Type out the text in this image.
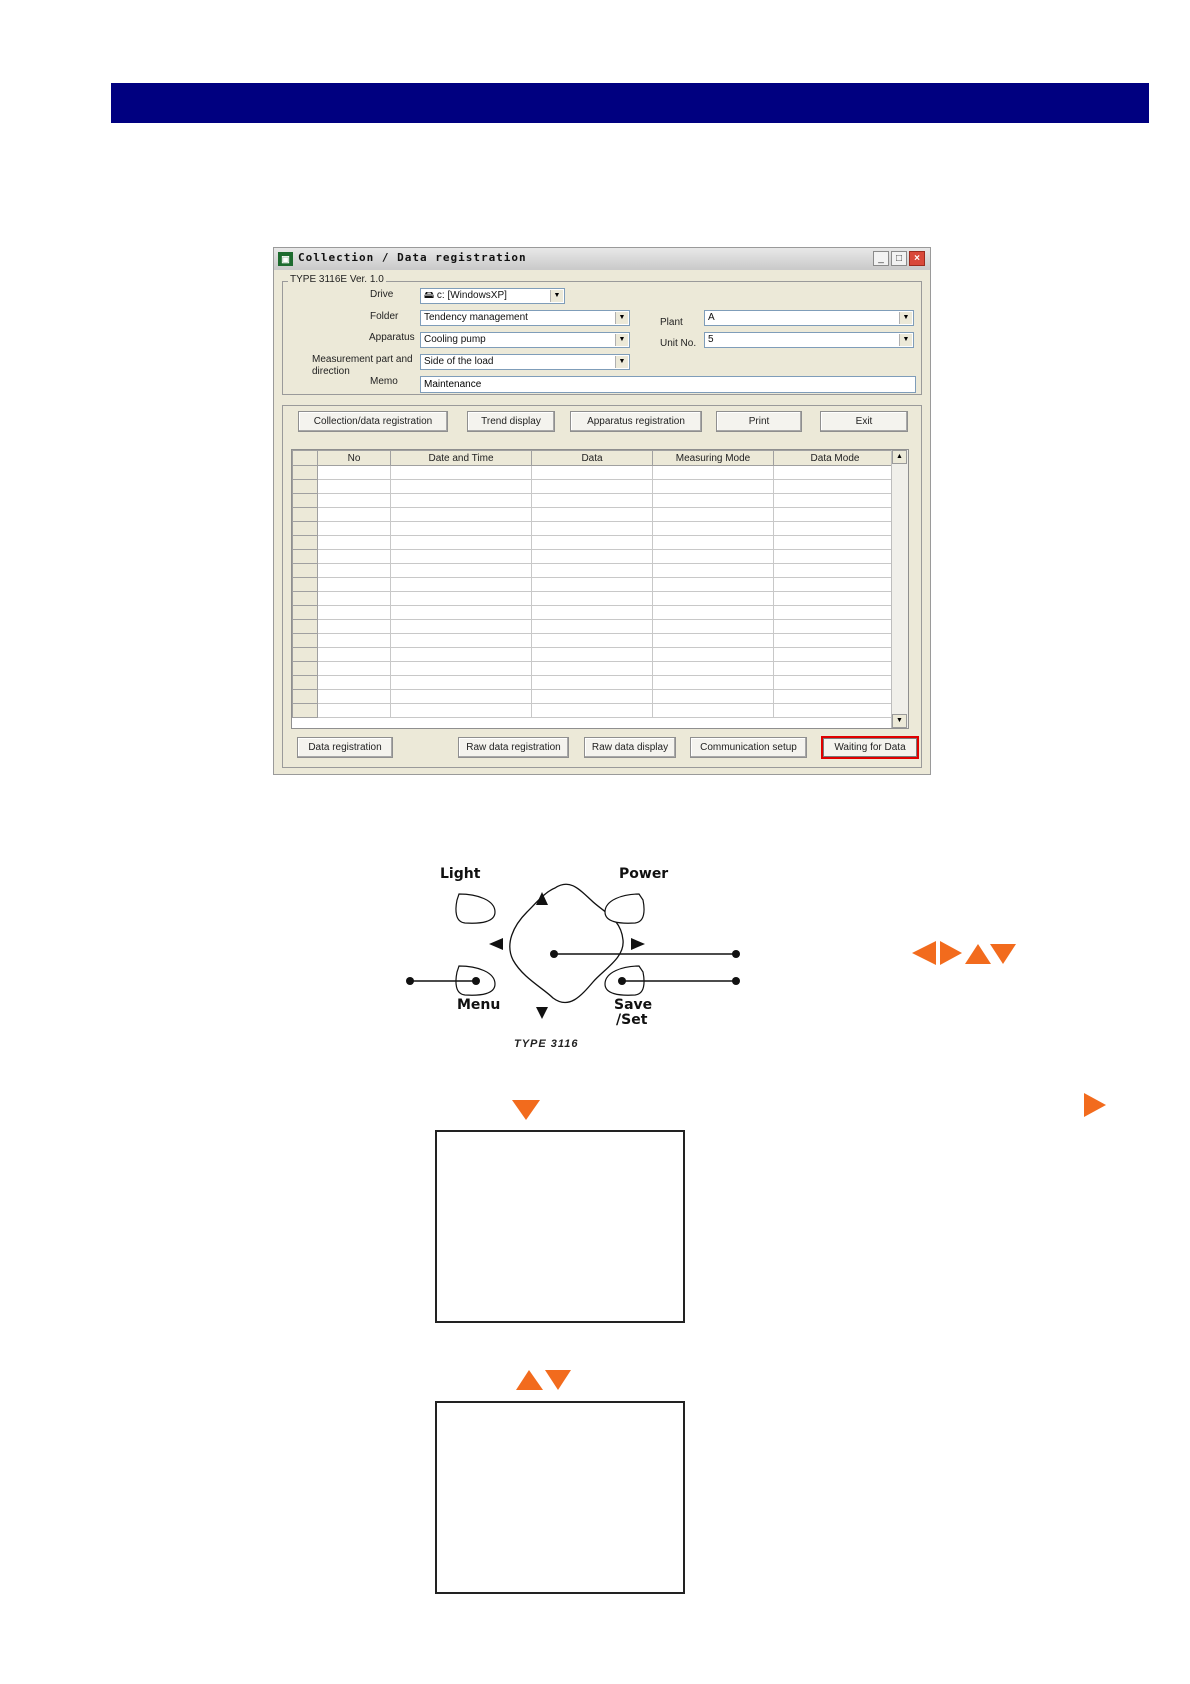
▣ Collection / Data registration	_	□	×
TYPE 3116E Ver. 1.0
Drive	🖴 c: [WindowsXP]	▼
Folder	Tendency management	▼
Apparatus Cooling pump	▼
Measurement part and
direction
Side of the load	▼
Memo	Maintenance
Plant	A	▼
Unit No.	5	▼
Collection/data registration	Trend display	Apparatus registration	Print	Exit
	No	Date and Time	Data	Measuring Mode	Data Mode

						▲
▼
Data registration	Raw data registration	Raw data display	Communication setup	Waiting for Data
Light	Power
Menu	Save
/Set
TYPE 3116
